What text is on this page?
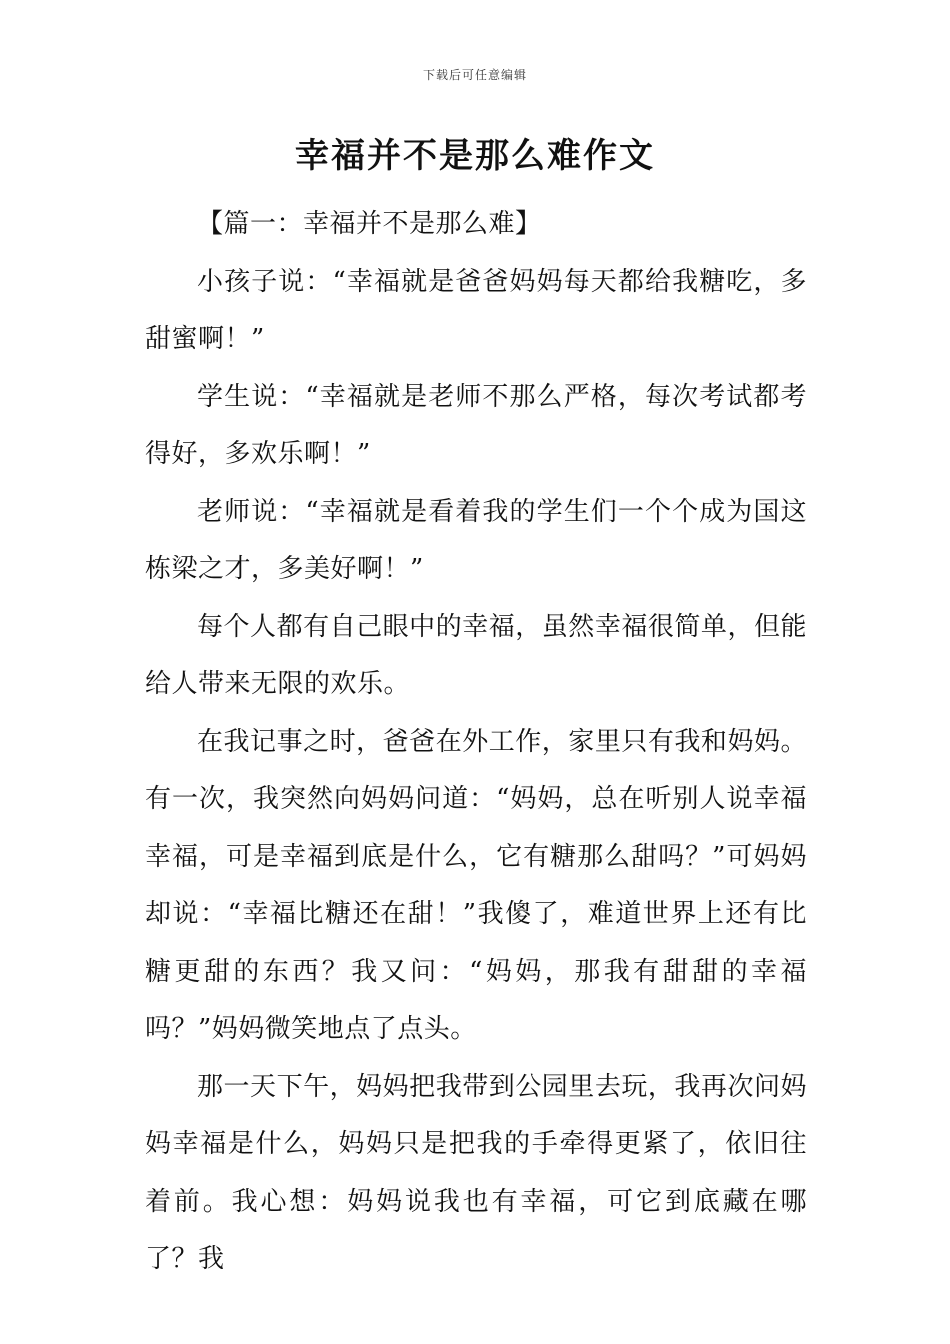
下载后可任意编辑
幸福并不是那么难作文

【篇一：幸福并不是那么难】

小孩子说：“幸福就是爸爸妈妈每天都给我糖吃，多甜蜜啊！”

学生说：“幸福就是老师不那么严格，每次考试都考得好，多欢乐啊！”

老师说：“幸福就是看着我的学生们一个个成为国这栋梁之才，多美好啊！”

每个人都有自己眼中的幸福，虽然幸福很简单，但能给人带来无限的欢乐。

在我记事之时，爸爸在外工作，家里只有我和妈妈。有一次，我突然向妈妈问道：“妈妈，总在听别人说幸福幸福，可是幸福到底是什么，它有糖那么甜吗？”可妈妈却说：“幸福比糖还在甜！”我傻了，难道世界上还有比糖更甜的东西？我又问：“妈妈，那我有甜甜的幸福吗？”妈妈微笑地点了点头。

那一天下午，妈妈把我带到公园里去玩，我再次问妈妈幸福是什么，妈妈只是把我的手牵得更紧了，依旧往着前。我心想：妈妈说我也有幸福，可它到底藏在哪了？我
